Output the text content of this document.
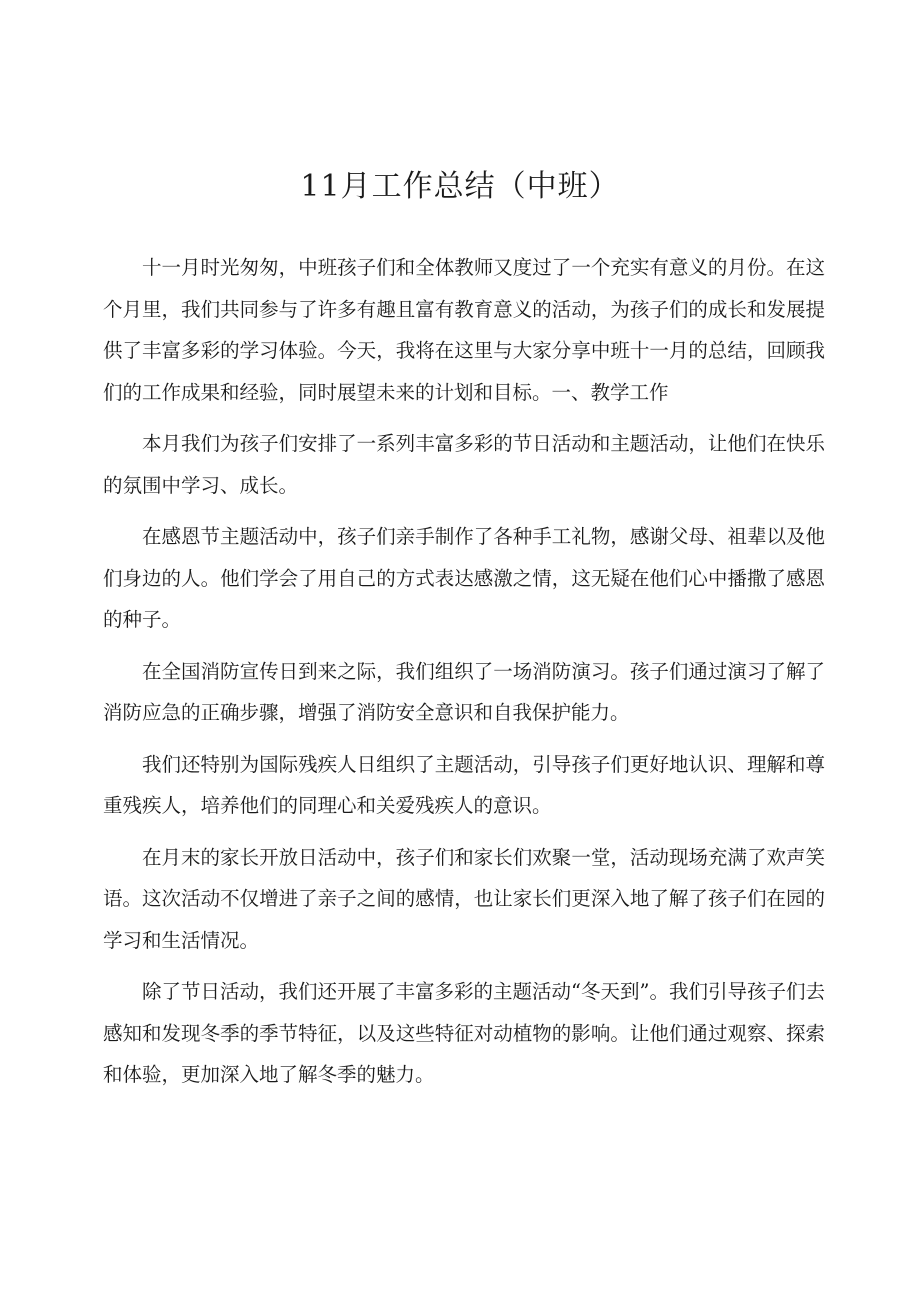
11月工作总结（中班）

十一月时光匆匆，中班孩子们和全体教师又度过了一个充实有意义的月份。在这个月里，我们共同参与了许多有趣且富有教育意义的活动，为孩子们的成长和发展提供了丰富多彩的学习体验。今天，我将在这里与大家分享中班十一月的总结，回顾我们的工作成果和经验，同时展望未来的计划和目标。一、教学工作

本月我们为孩子们安排了一系列丰富多彩的节日活动和主题活动，让他们在快乐的氛围中学习、成长。

在感恩节主题活动中，孩子们亲手制作了各种手工礼物，感谢父母、祖辈以及他们身边的人。他们学会了用自己的方式表达感激之情，这无疑在他们心中播撒了感恩的种子。

在全国消防宣传日到来之际，我们组织了一场消防演习。孩子们通过演习了解了消防应急的正确步骤，增强了消防安全意识和自我保护能力。

我们还特别为国际残疾人日组织了主题活动，引导孩子们更好地认识、理解和尊重残疾人，培养他们的同理心和关爱残疾人的意识。

在月末的家长开放日活动中，孩子们和家长们欢聚一堂，活动现场充满了欢声笑语。这次活动不仅增进了亲子之间的感情，也让家长们更深入地了解了孩子们在园的学习和生活情况。

除了节日活动，我们还开展了丰富多彩的主题活动“冬天到”。我们引导孩子们去感知和发现冬季的季节特征，以及这些特征对动植物的影响。让他们通过观察、探索和体验，更加深入地了解冬季的魅力。
